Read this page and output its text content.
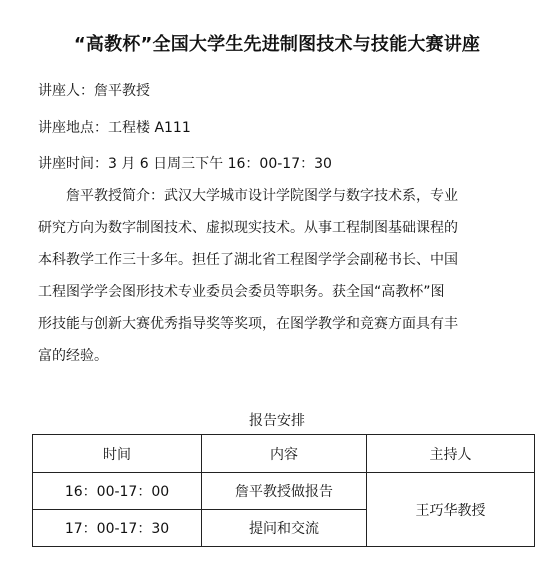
“高教杯”全国大学生先进制图技术与技能大赛讲座
讲座人：詹平教授
讲座地点：工程楼 A111
讲座时间：3 月 6 日周三下午 16：00-17：30

詹平教授简介：武汉大学城市设计学院图学与数字技术系，专业
研究方向为数字制图技术、虚拟现实技术。从事工程制图基础课程的
本科教学工作三十多年。担任了湖北省工程图学学会副秘书长、中国
工程图学学会图形技术专业委员会委员等职务。获全国“高教杯”图
形技能与创新大赛优秀指导奖等奖项，在图学教学和竞赛方面具有丰
富的经验。

报告安排
时间	内容	主持人
16：00-17：00	詹平教授做报告	王巧华教授
17：00-17：30	提问和交流	
